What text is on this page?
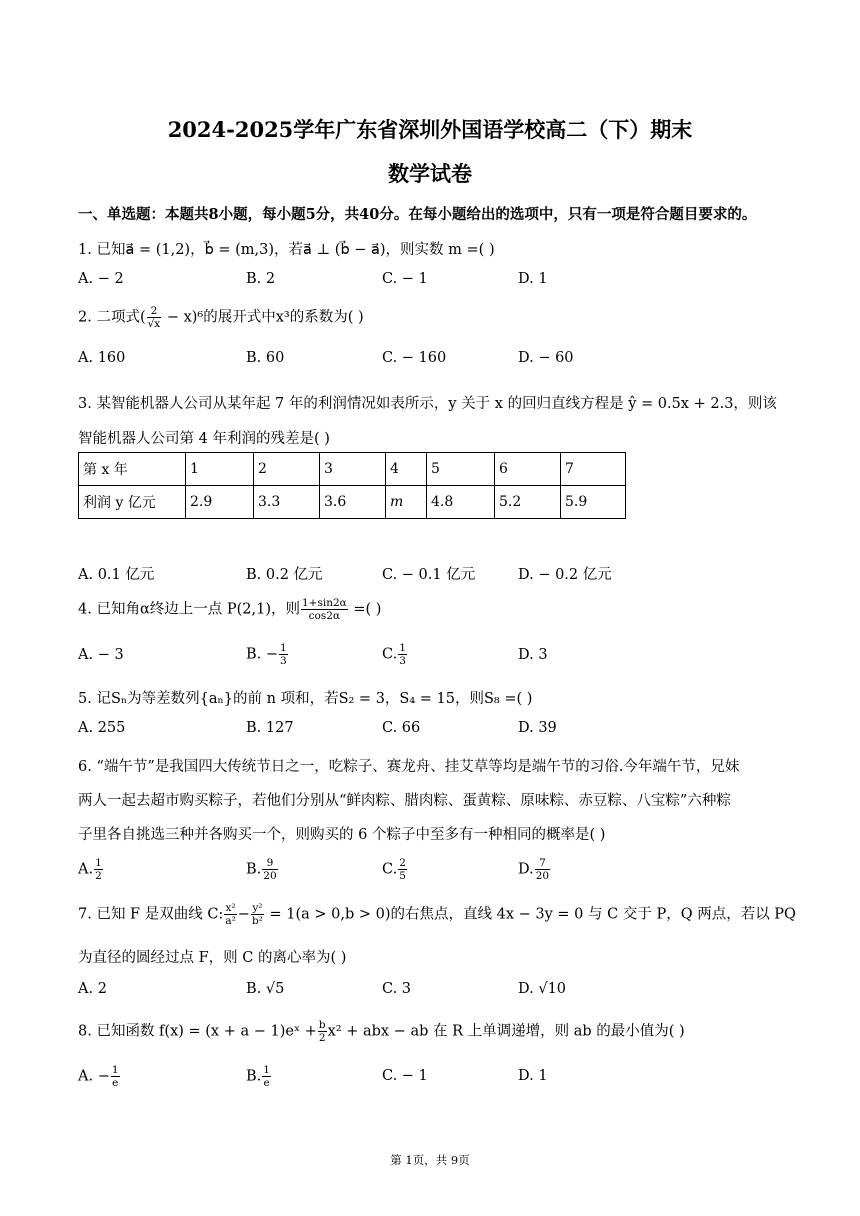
2024-2025学年广东省深圳外国语学校高二（下）期末
数学试卷
一、单选题：本题共8小题，每小题5分，共40分。在每小题给出的选项中，只有一项是符合题目要求的。
1. 已知a⃗ = (1,2)，b⃗ = (m,3)，若a⃗ ⊥ (b⃗ − a⃗)，则实数 m =( )
A. − 2	B. 2	C. − 1	D. 1
2. 二项式( $\frac{2}{√x} - x)^6$的展开式中x³的系数为( )
A. 160	B. 60	C. − 160	D. − 60
3. 某智能机器人公司从某年起 7 年的利润情况如表所示，y 关于 x 的回归直线方程是 ŷ = 0.5x + 2.3，则该
智能机器人公司第 4 年利润的残差是( )
第 x 年	1	2	3	4	5	6	7
利润 y 亿元	2.9	3.3	3.6	m	4.8	5.2	5.9
A. 0.1 亿元	B. 0.2 亿元	C. − 0.1 亿元	D. − 0.2 亿元
4. 已知角α终边上一点 P(2,1)，则 $\frac{1+\sin 2\alpha}{\cos 2\alpha}$ =( )
A. − 3	B. − $\frac{1}{3}$	C. $\frac{1}{3}$	D. 3
5. 记Sₙ为等差数列{aₙ}的前 n 项和，若S₂ = 3，S₄ = 15，则S₈ =( )
A. 255	B. 127	C. 66	D. 39
6. “端午节”是我国四大传统节日之一，吃粽子、赛龙舟、挂艾草等均是端午节的习俗.今年端午节，兄妹
两人一起去超市购买粽子，若他们分别从“鲜肉粽、腊肉粽、蛋黄粽、原味粽、赤豆粽、八宝粽”六种粽
子里各自挑选三种并各购买一个，则购买的 6 个粽子中至多有一种相同的概率是( )
A. $\frac{1}{2}$	B. $\frac{9}{20}$	C. $\frac{2}{5}$	D. $\frac{7}{20}$
7. 已知 F 是双曲线 C: $\frac{\text{x²}}{\text{a²}} - \frac{\text{y²}}{\text{b²}} = 1(a > 0,b > 0)$的右焦点，直线 4x − 3y = 0 与 C 交于 P，Q 两点，若以 PQ
为直径的圆经过点 F，则 C 的离心率为( )
A. 2	B. √5	C. 3	D. √10
8. 已知函数 f(x) = (x + a − 1)eˣ + $\frac{b}{2} x^2$ + abx − ab 在 R 上单调递增，则 ab 的最小值为( )
A. − $\frac{1}{e}$	B. $\frac{1}{e}$	C. − 1	D. 1
第 1页，共 9页
